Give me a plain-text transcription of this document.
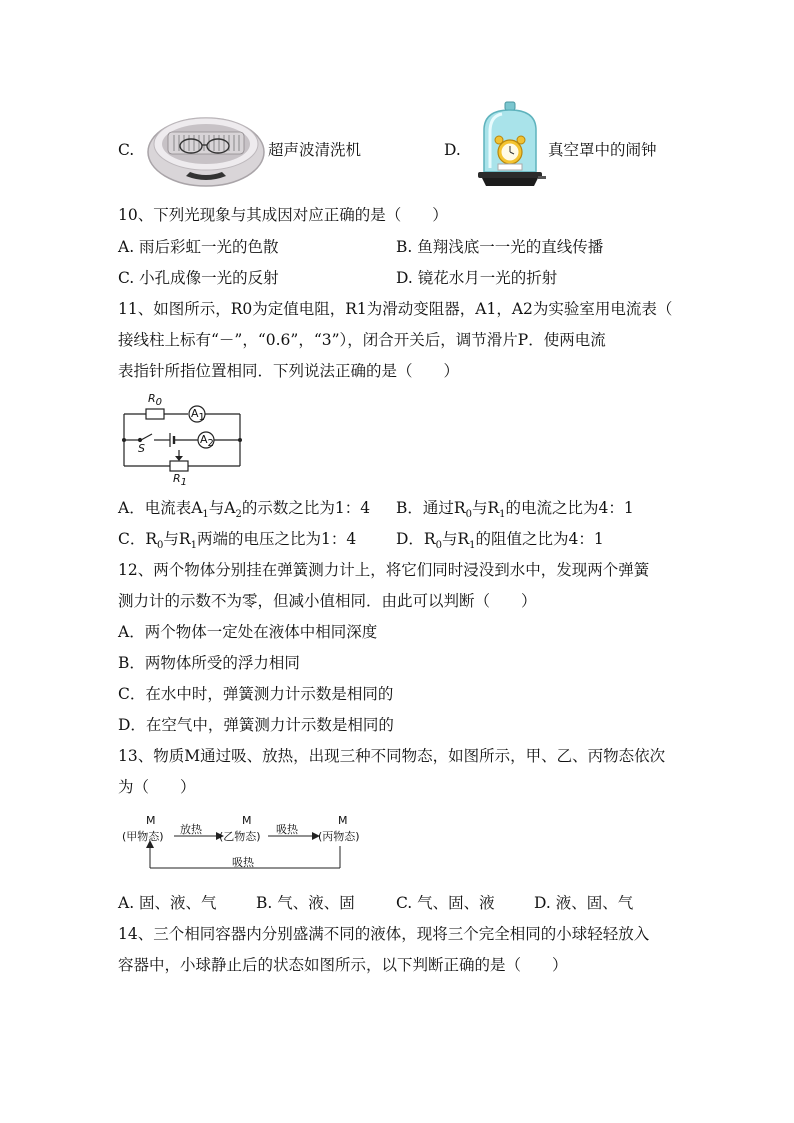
C.	超声波清洗机	D.	真空罩中的闹钟
10、下列光现象与其成因对应正确的是（　　）
A. 雨后彩虹一光的色散	B. 鱼翔浅底一一光的直线传播
C. 小孔成像一光的反射	D. 镜花水月一光的折射
11、如图所示，R0为定值电阻，R1为滑动变阻器，A1，A2为实验室用电流表（
接线柱上标有“－”，“0.6”，“3”），闭合开关后，调节滑片P．使两电流
表指针所指位置相同．下列说法正确的是（　　）
$R_0$
$A_1$
$A_2$
S
$R_1$
A．电流表$A_1$与$A_2$的示数之比为1：4 B．通过$R_0$与$R_1$的电流之比为4：1
C．$R_0$与$R_1$两端的电压之比为1：4	D．$R_0$与$R_1$的阻值之比为4：1
12、两个物体分别挂在弹簧测力计上，将它们同时浸没到水中，发现两个弹簧
测力计的示数不为零，但减小值相同．由此可以判断（　　）
A．两个物体一定处在液体中相同深度
B．两物体所受的浮力相同
C．在水中时，弹簧测力计示数是相同的
D．在空气中，弹簧测力计示数是相同的
13、物质M通过吸、放热，出现三种不同物态，如图所示，甲、乙、丙物态依次
为（　　）
M
(甲物态)
放热
M
(乙物态)
吸热
M
(丙物态)
吸热
A. 固、液、气	B. 气、液、固	C. 气、固、液	D. 液、固、气
14、三个相同容器内分别盛满不同的液体，现将三个完全相同的小球轻轻放入
容器中，小球静止后的状态如图所示，以下判断正确的是（　　）
